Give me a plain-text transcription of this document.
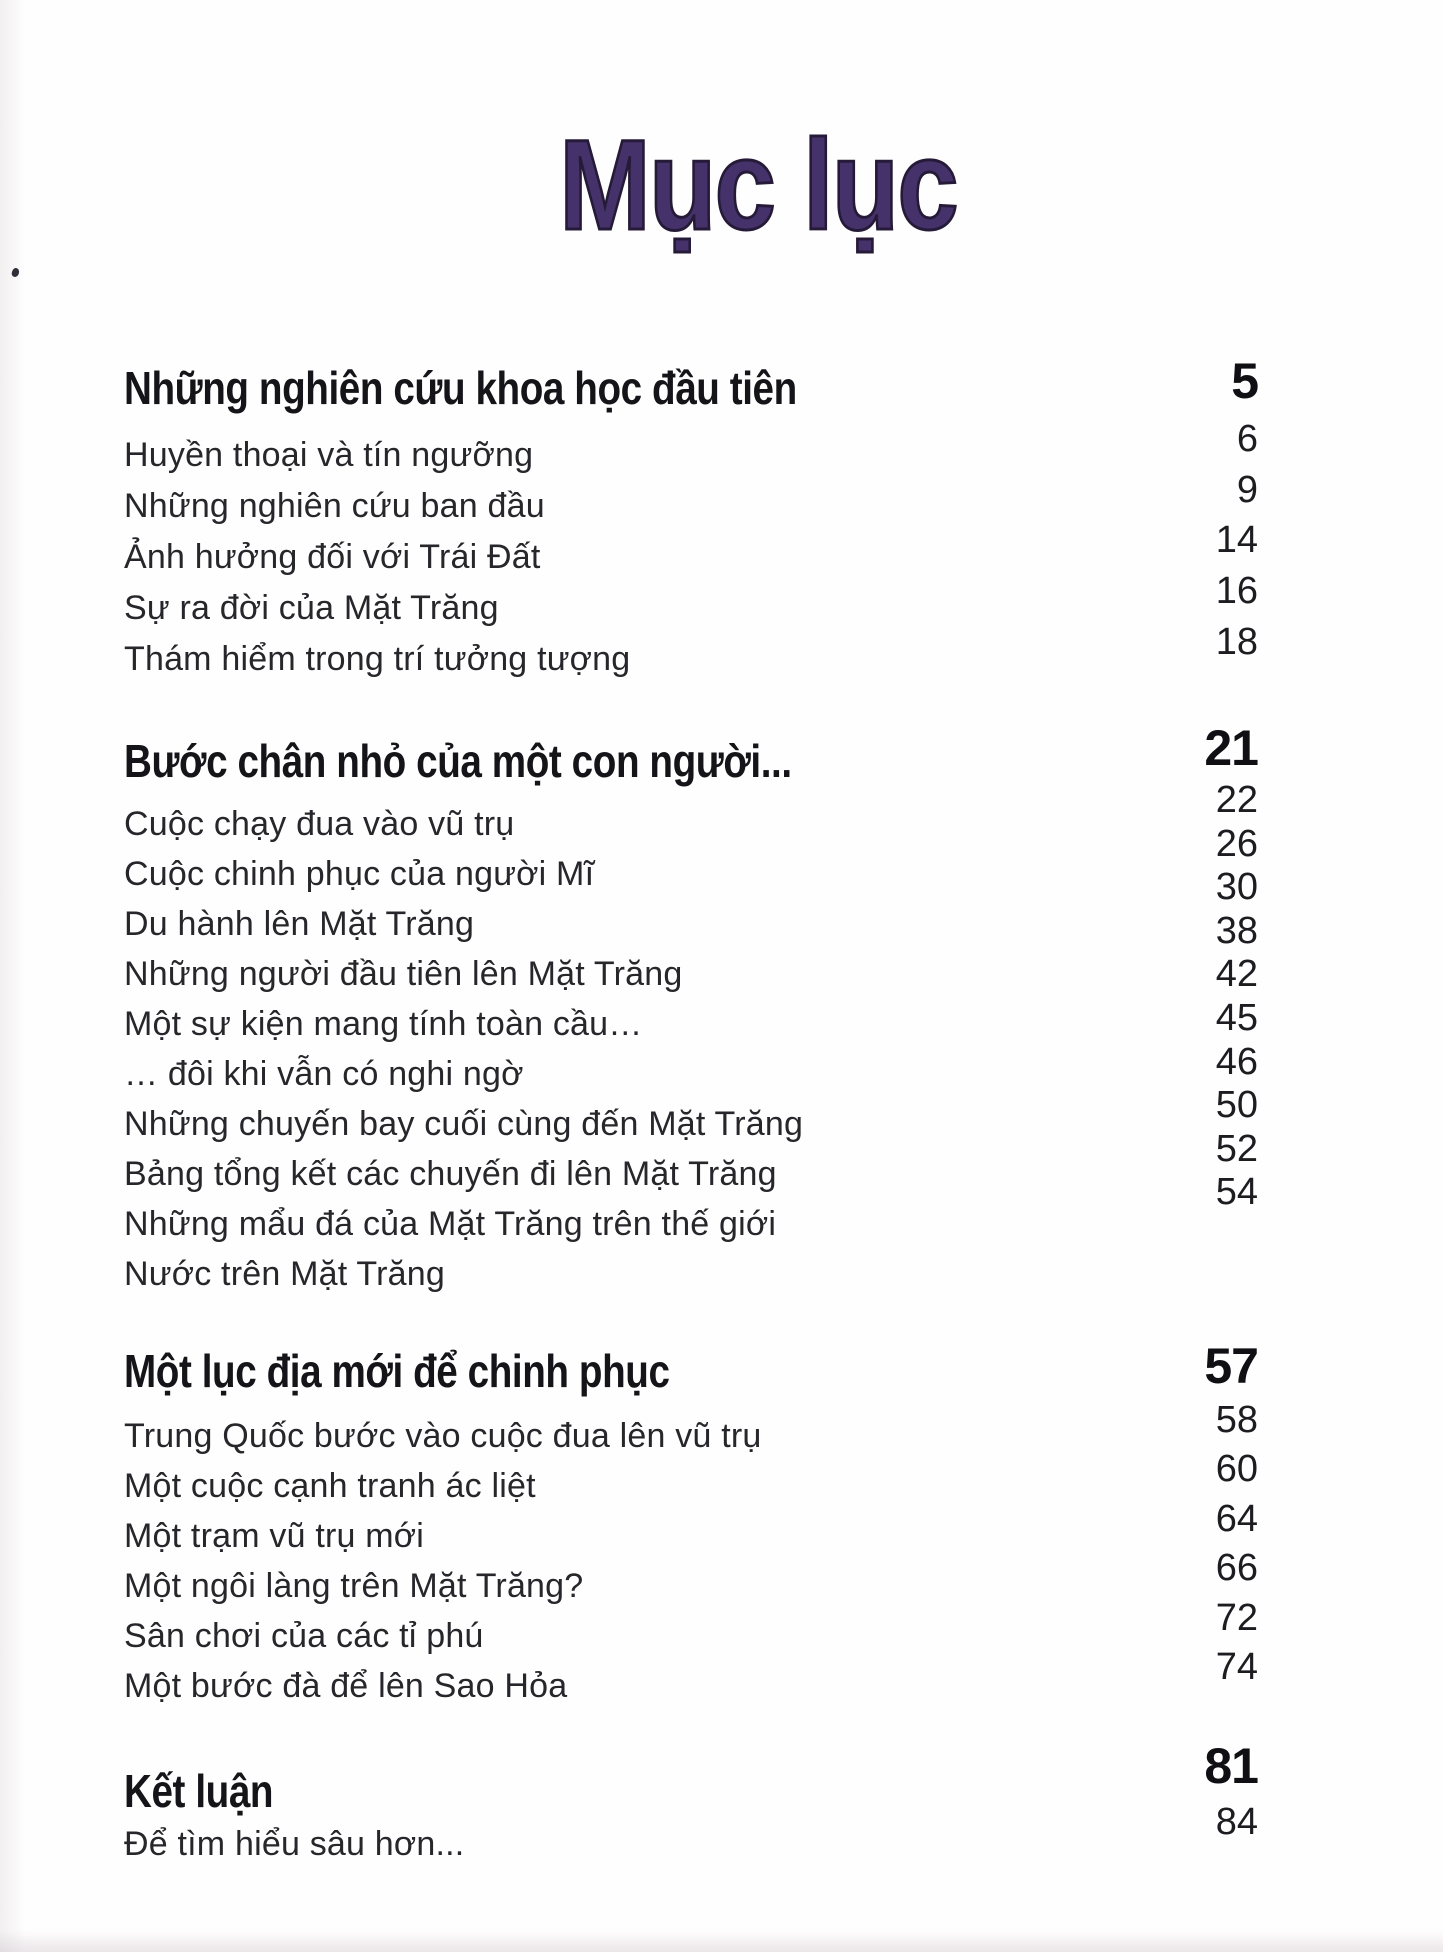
Mục lục
Những nghiên cứu khoa học đầu tiên
Huyền thoại và tín ngưỡng
Những nghiên cứu ban đầu
Ảnh hưởng đối với Trái Đất
Sự ra đời của Mặt Trăng
Thám hiểm trong trí tưởng tượng
5
6
9
14
16
18
Bước chân nhỏ của một con người...
Cuộc chạy đua vào vũ trụ
Cuộc chinh phục của người Mĩ
Du hành lên Mặt Trăng
Những người đầu tiên lên Mặt Trăng
Một sự kiện mang tính toàn cầu…
… đôi khi vẫn có nghi ngờ
Những chuyến bay cuối cùng đến Mặt Trăng
Bảng tổng kết các chuyến đi lên Mặt Trăng
Những mẩu đá của Mặt Trăng trên thế giới
Nước trên Mặt Trăng
21
22
26
30
38
42
45
46
50
52
54
Một lục địa mới để chinh phục
Trung Quốc bước vào cuộc đua lên vũ trụ
Một cuộc cạnh tranh ác liệt
Một trạm vũ trụ mới
Một ngôi làng trên Mặt Trăng?
Sân chơi của các tỉ phú
Một bước đà để lên Sao Hỏa
57
58
60
64
66
72
74
Kết luận
Để tìm hiểu sâu hơn...
81
84
